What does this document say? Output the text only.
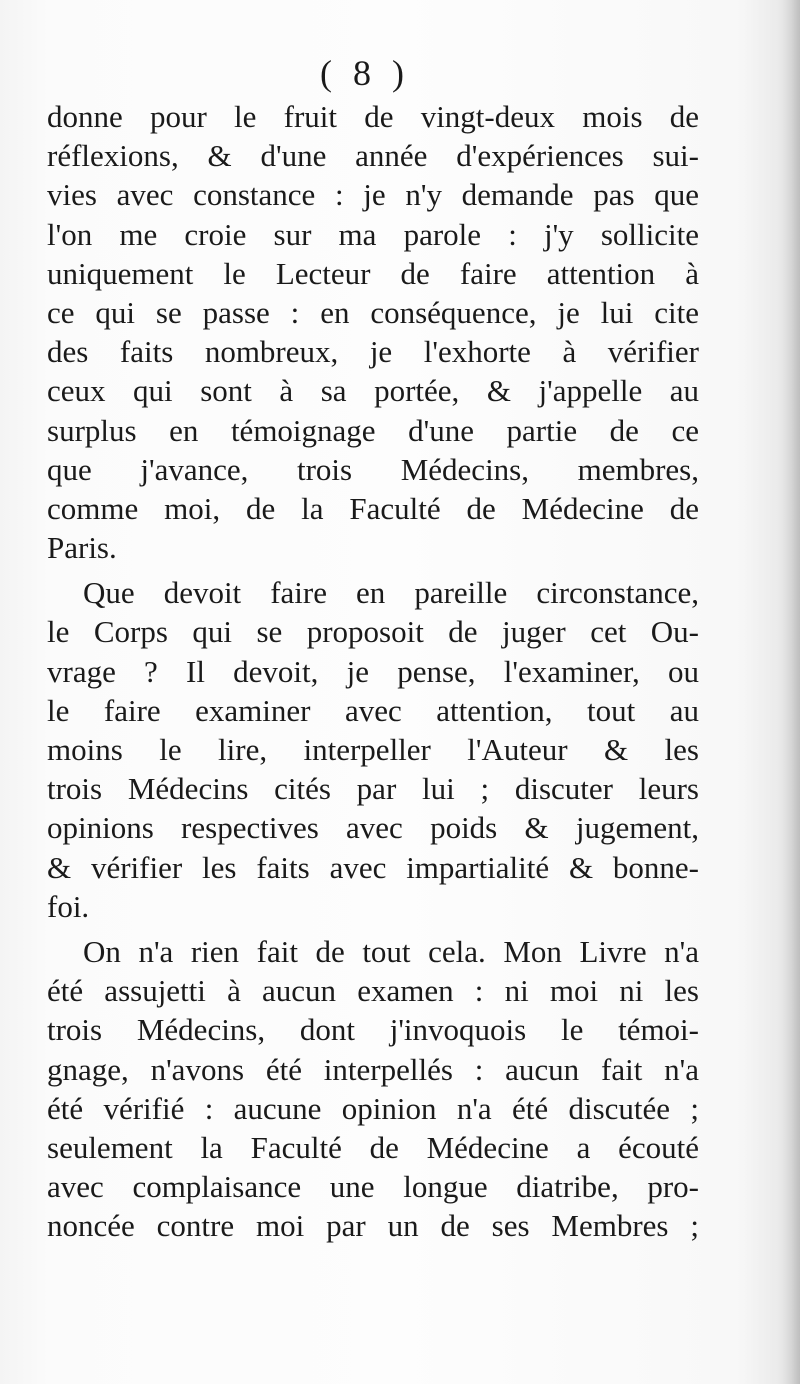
( 8 )
donne pour le fruit de vingt-deux mois de
réflexions, & d'une année d'expériences sui-
vies avec constance : je n'y demande pas que
l'on me croie sur ma parole : j'y sollicite
uniquement le Lecteur de faire attention à
ce qui se passe : en conséquence, je lui cite
des faits nombreux, je l'exhorte à vérifier
ceux qui sont à sa portée, & j'appelle au
surplus en témoignage d'une partie de ce
que j'avance, trois Médecins, membres,
comme moi, de la Faculté de Médecine de
Paris.
Que devoit faire en pareille circonstance,
le Corps qui se proposoit de juger cet Ou-
vrage ? Il devoit, je pense, l'examiner, ou
le faire examiner avec attention, tout au
moins le lire, interpeller l'Auteur & les
trois Médecins cités par lui ; discuter leurs
opinions respectives avec poids & jugement,
& vérifier les faits avec impartialité & bonne-
foi.
On n'a rien fait de tout cela. Mon Livre n'a
été assujetti à aucun examen : ni moi ni les
trois Médecins, dont j'invoquois le témoi-
gnage, n'avons été interpellés : aucun fait n'a
été vérifié : aucune opinion n'a été discutée ;
seulement la Faculté de Médecine a écouté
avec complaisance une longue diatribe, pro-
noncée contre moi par un de ses Membres ;
